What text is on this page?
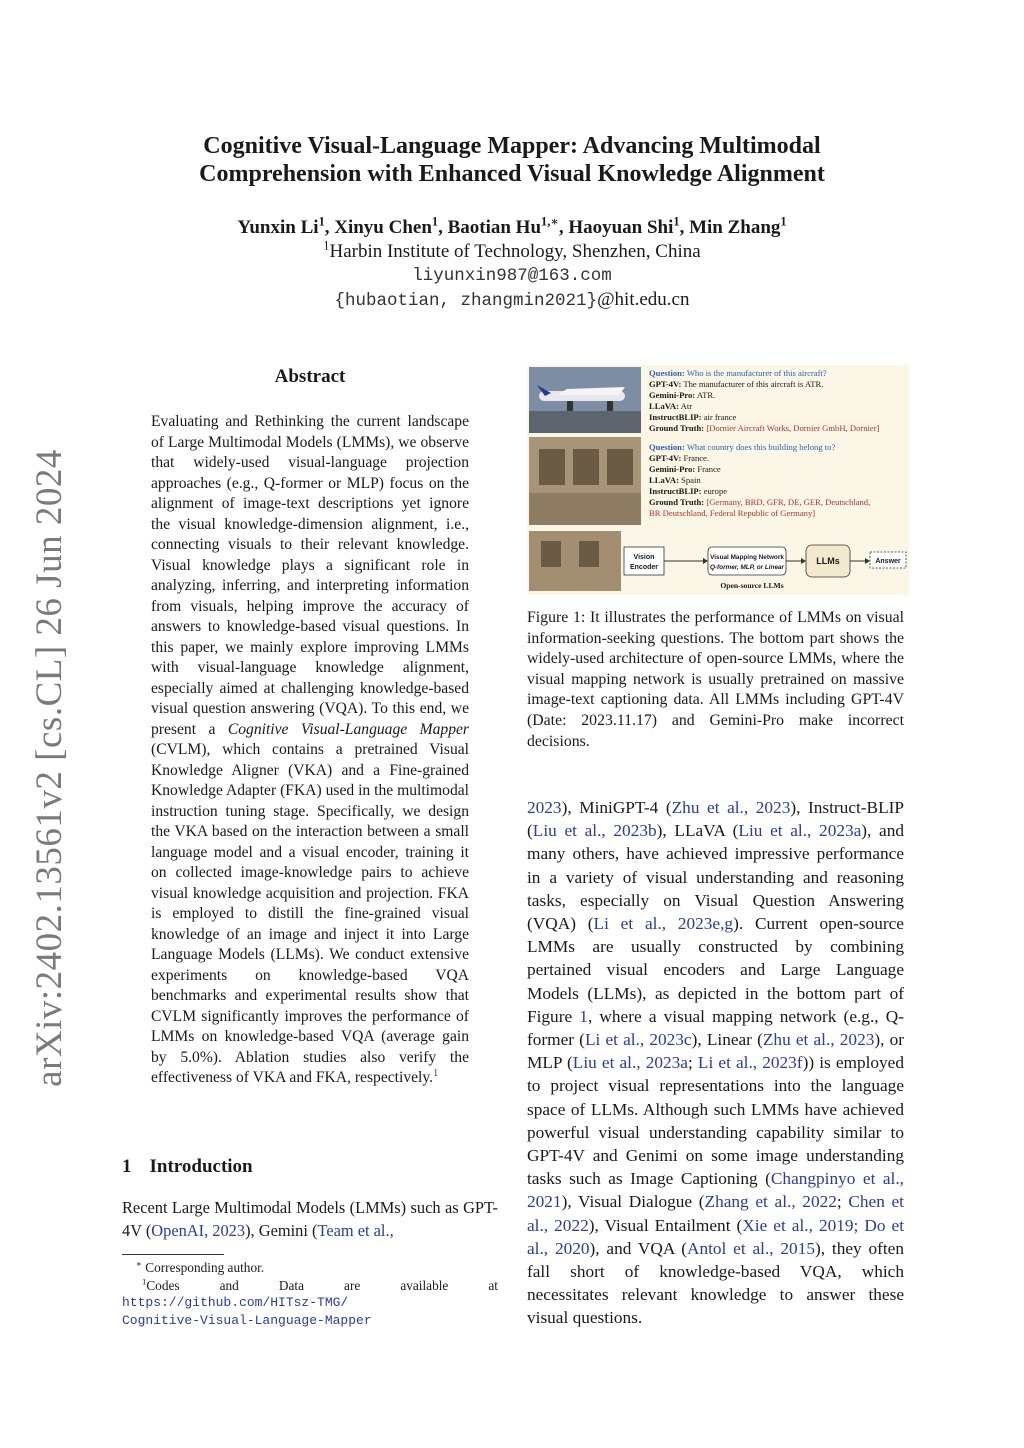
arXiv:2402.13561v2 [cs.CL] 26 Jun 2024
Cognitive Visual-Language Mapper: Advancing Multimodal
Comprehension with Enhanced Visual Knowledge Alignment
Yunxin Li$^1$, Xinyu Chen$^1$, Baotian $Hu^{1,∗}$, Haoyuan Shi$^1$, Min Zhang$^1$
$^1$Harbin Institute of Technology, Shenzhen, China
liyunxin987@163.com
{hubaotian, zhangmin2021}@hit.edu.cn
Abstract
Evaluating and Rethinking the current landscape of Large Multimodal Models (LMMs), we observe that widely-used visual-language projection approaches (e.g., Q-former or MLP) focus on the alignment of image-text descriptions yet ignore the visual knowledge-dimension alignment, i.e., connecting visuals to their relevant knowledge. Visual knowledge plays a significant role in analyzing, inferring, and interpreting information from visuals, helping improve the accuracy of answers to knowledge-based visual questions. In this paper, we mainly explore improving LMMs with visual-language knowledge alignment, especially aimed at challenging knowledge-based visual question answering (VQA). To this end, we present a Cognitive Visual-Language Mapper (CVLM), which contains a pretrained Visual Knowledge Aligner (VKA) and a Fine-grained Knowledge Adapter (FKA) used in the multimodal instruction tuning stage. Specifically, we design the VKA based on the interaction between a small language model and a visual encoder, training it on collected image-knowledge pairs to achieve visual knowledge acquisition and projection. FKA is employed to distill the fine-grained visual knowledge of an image and inject it into Large Language Models (LLMs). We conduct extensive experiments on knowledge-based VQA benchmarks and experimental results show that CVLM significantly improves the performance of LMMs on knowledge-based VQA (average gain by 5.0%). Ablation studies also verify the effectiveness of VKA and FKA, respectively.$^1$
1 Introduction
Recent Large Multimodal Models (LMMs) such as GPT-4V (OpenAI, 2023), Gemini (Team et al.,
∗ Corresponding author.
$^1$Codes and Data are available at
https://github.com/HITsz-TMG/
Cognitive-Visual-Language-Mapper
Question: Who is the manufacturer of this aircraft?
GPT-4V: The manufacturer of this aircraft is ATR.
Gemini-Pro: ATR.
LLaVA: Atr
InstructBLIP: air france
Ground Truth: [Dornier Aircraft Works, Dornier GmbH, Dornier]
Question: What country does this building belong to?
GPT-4V: France.
Gemini-Pro: France
LLaVA: Spain
InstructBLIP: europe
Ground Truth: [Germany, BRD, GFR, DE, GER, Deutschland,
BR Deutschland, Federal Republic of Germany]
Vision
Encoder
Visual Mapping Network
Q-former, MLP, or Linear
LLMs	Answer
Open-source LLMs
Figure 1: It illustrates the performance of LMMs on visual information-seeking questions. The bottom part shows the widely-used architecture of open-source LMMs, where the visual mapping network is usually pretrained on massive image-text captioning data. All LMMs including GPT-4V (Date: 2023.11.17) and Gemini-Pro make incorrect decisions.
2023), MiniGPT-4 (Zhu et al., 2023), Instruct-BLIP (Liu et al., 2023b), LLaVA (Liu et al., 2023a), and many others, have achieved impressive performance in a variety of visual understanding and reasoning tasks, especially on Visual Question Answering (VQA) (Li et al., 2023e,g). Current open-source LMMs are usually constructed by combining pertained visual encoders and Large Language Models (LLMs), as depicted in the bottom part of Figure 1, where a visual mapping network (e.g., Q-former (Li et al., 2023c), Linear (Zhu et al., 2023), or MLP (Liu et al., 2023a; Li et al., 2023f)) is employed to project visual representations into the language space of LLMs. Although such LMMs have achieved powerful visual understanding capability similar to GPT-4V and Genimi on some image understanding tasks such as Image Captioning (Changpinyo et al., 2021), Visual Dialogue (Zhang et al., 2022; Chen et al., 2022), Visual Entailment (Xie et al., 2019; Do et al., 2020), and VQA (Antol et al., 2015), they often fall short of knowledge-based VQA, which necessitates relevant knowledge to answer these visual questions.
